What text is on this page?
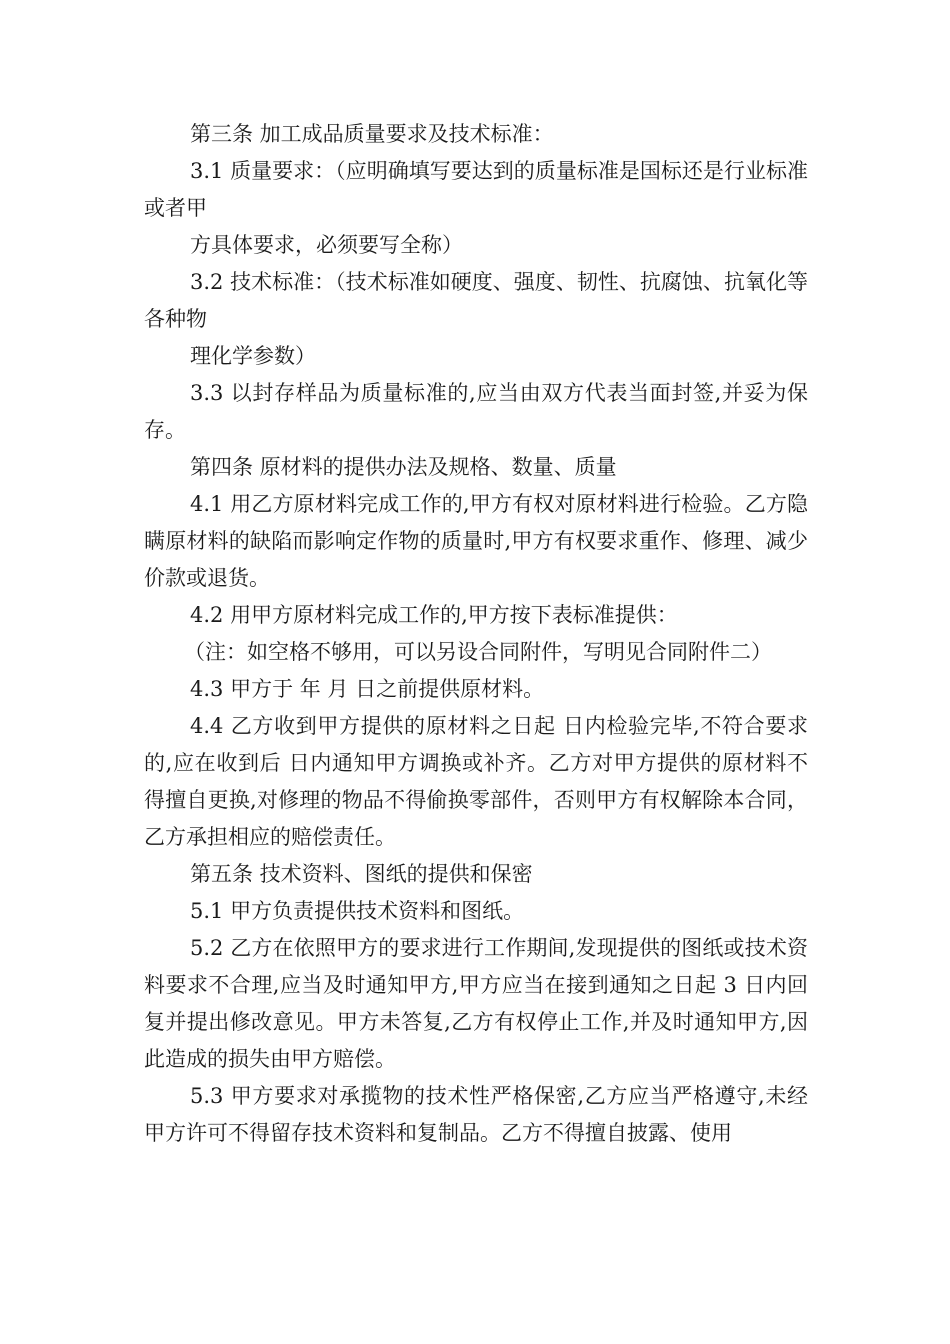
第三条 加工成品质量要求及技术标准：

3.1 质量要求：（应明确填写要达到的质量标准是国标还是行业标准或者甲

方具体要求，必须要写全称）

3.2 技术标准：（技术标准如硬度、强度、韧性、抗腐蚀、抗氧化等各种物

理化学参数）

3.3 以封存样品为质量标准的,应当由双方代表当面封签,并妥为保存。

第四条 原材料的提供办法及规格、数量、质量

4.1 用乙方原材料完成工作的,甲方有权对原材料进行检验。乙方隐瞒原材料的缺陷而影响定作物的质量时,甲方有权要求重作、修理、减少价款或退货。

4.2 用甲方原材料完成工作的,甲方按下表标准提供：

（注：如空格不够用，可以另设合同附件，写明见合同附件二）

4.3 甲方于 年 月 日之前提供原材料。

4.4 乙方收到甲方提供的原材料之日起 日内检验完毕,不符合要求的,应在收到后 日内通知甲方调换或补齐。乙方对甲方提供的原材料不得擅自更换,对修理的物品不得偷换零部件，否则甲方有权解除本合同，乙方承担相应的赔偿责任。

第五条 技术资料、图纸的提供和保密

5.1 甲方负责提供技术资料和图纸。

5.2 乙方在依照甲方的要求进行工作期间,发现提供的图纸或技术资料要求不合理,应当及时通知甲方,甲方应当在接到通知之日起 3 日内回复并提出修改意见。甲方未答复,乙方有权停止工作,并及时通知甲方,因此造成的损失由甲方赔偿。

5.3 甲方要求对承揽物的技术性严格保密,乙方应当严格遵守,未经甲方许可不得留存技术资料和复制品。乙方不得擅自披露、使用
